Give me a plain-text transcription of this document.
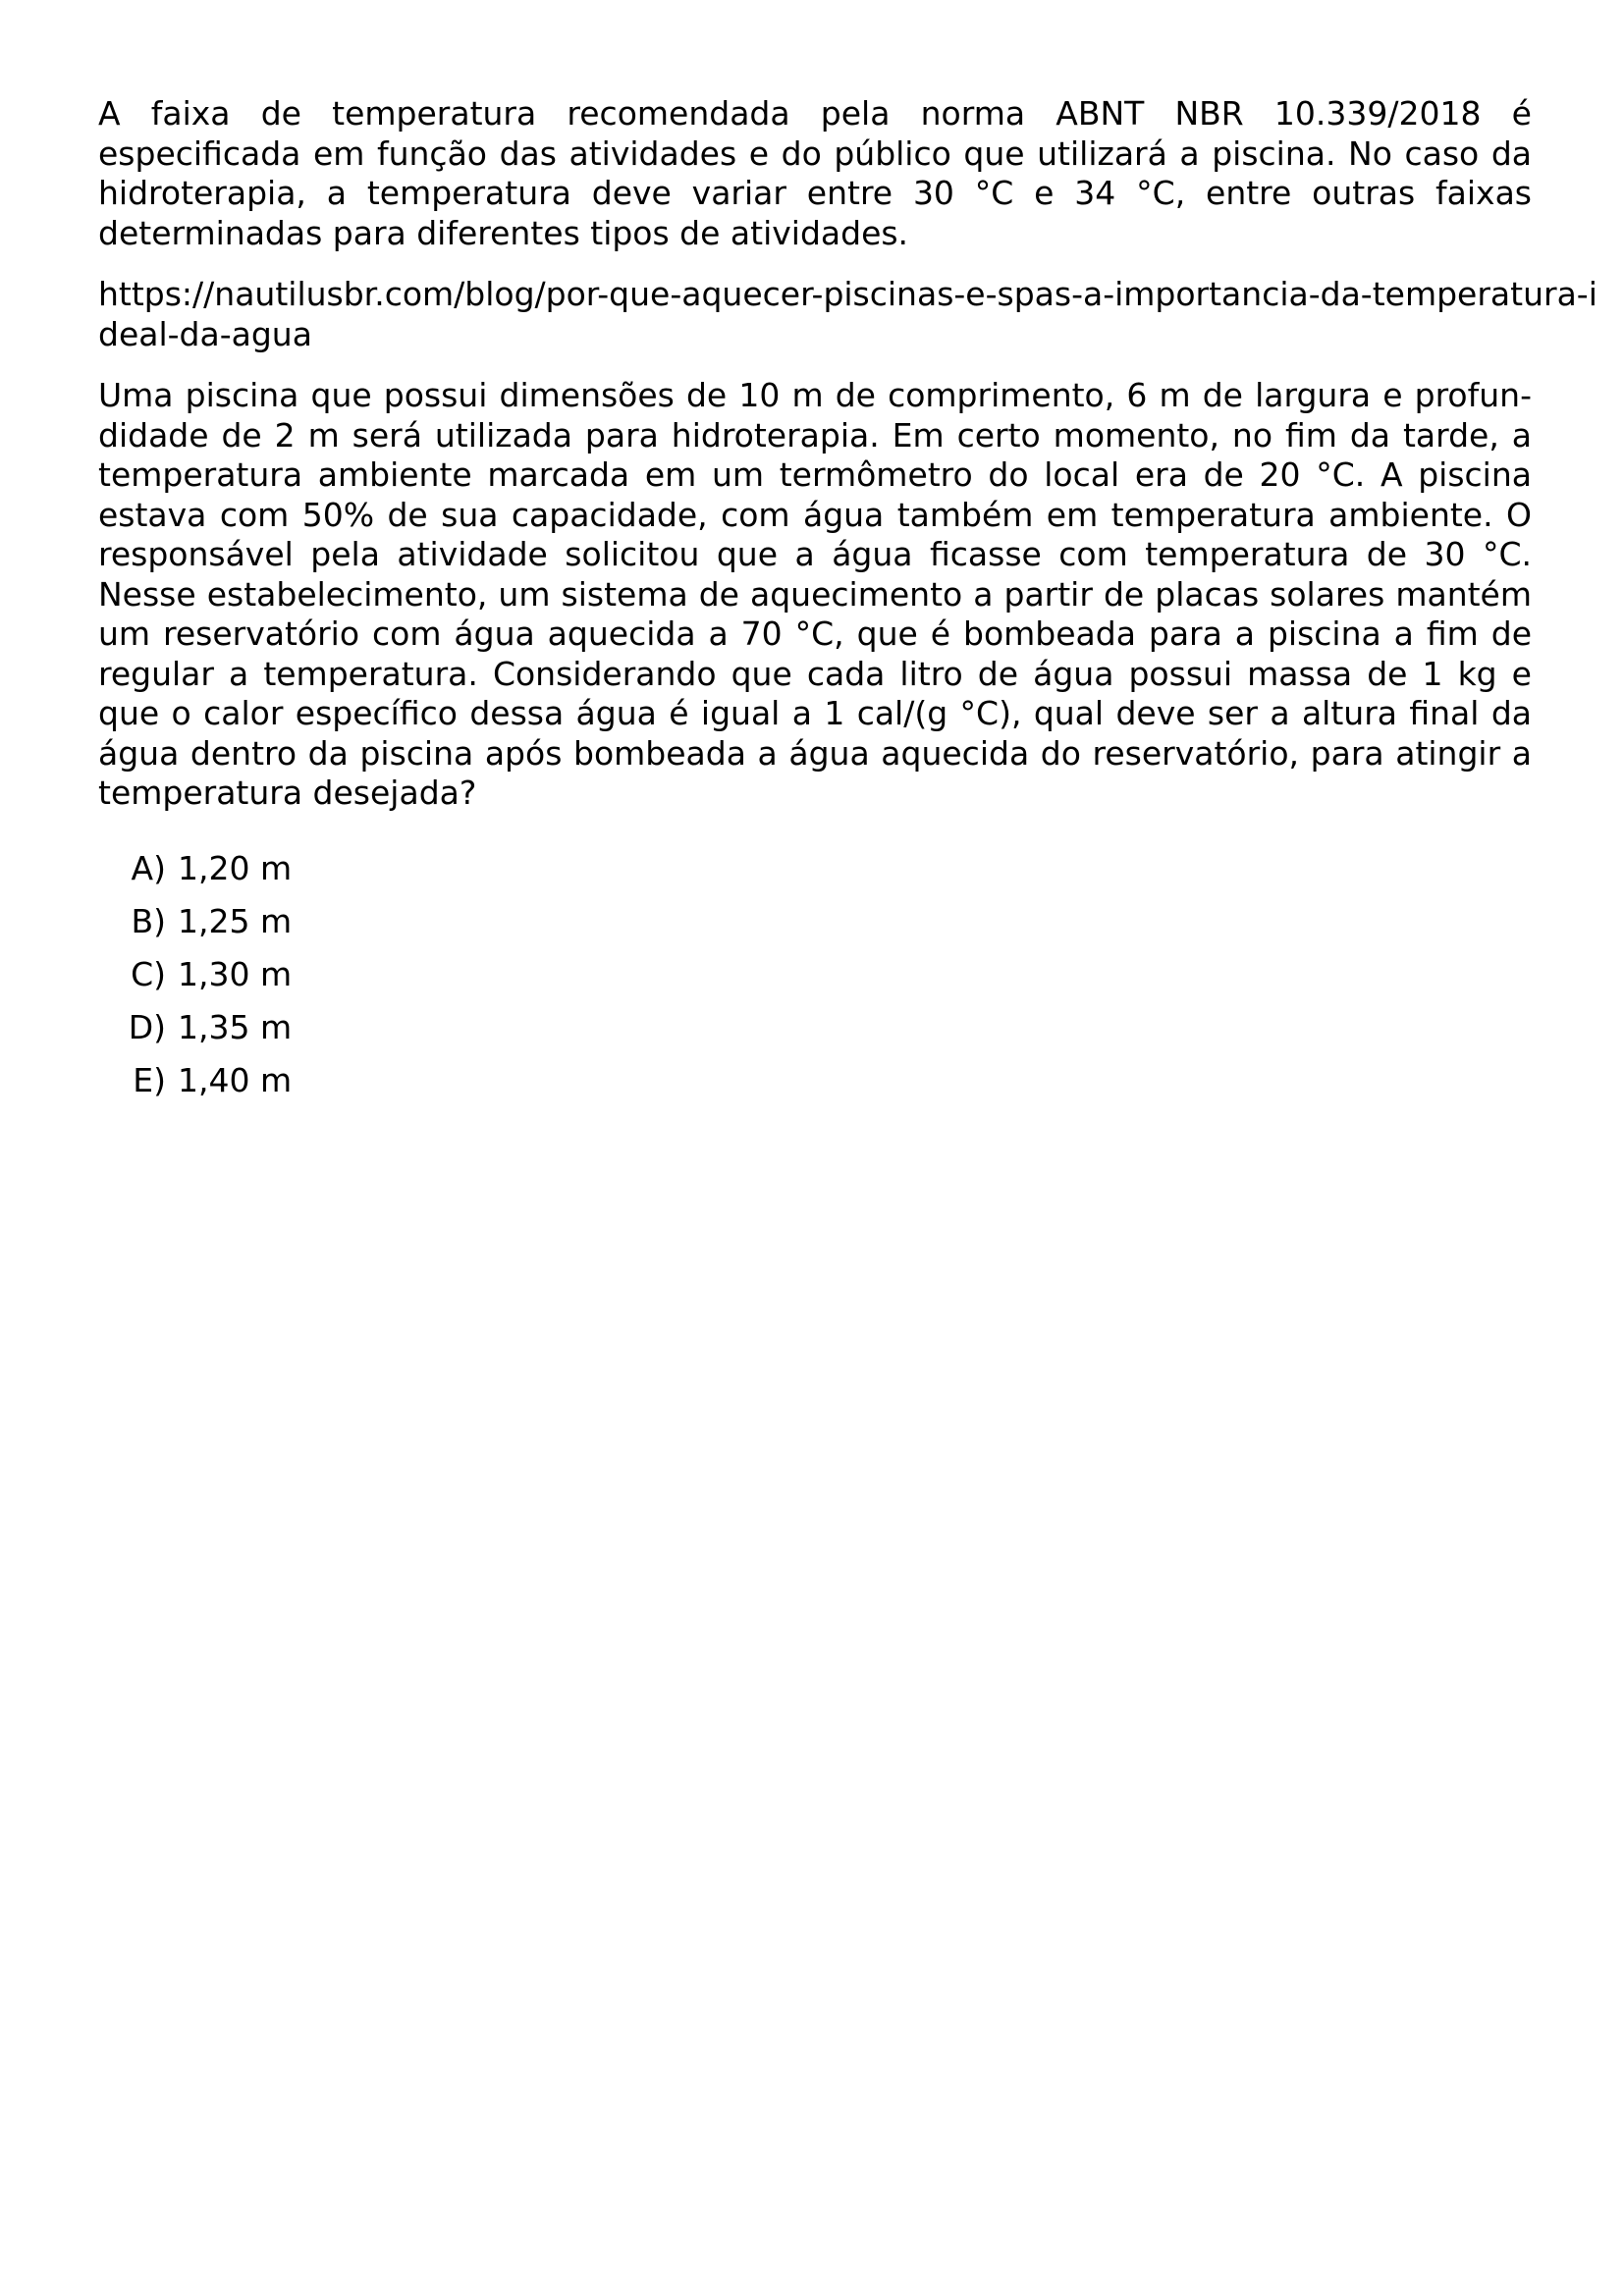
A faixa de temperatura recomendada pela norma ABNT NBR 10.339/2018 é especificada em função das atividades e do público que utilizará a piscina. No caso da hidroterapia, a temperatura deve variar entre 30 °C e 34 °C, entre outras faixas determinadas para diferentes tipos de atividades.

https://nautilusbr.com/blog/por-que-aquecer-piscinas-e-spas-a-importancia-da-temperatura-ideal-da-agua

Uma piscina que possui dimensões de 10 m de comprimento, 6 m de largura e profundidade de 2 m será utilizada para hidroterapia. Em certo momento, no fim da tarde, a temperatura ambiente marcada em um termômetro do local era de 20 °C. A piscina estava com 50% de sua capacidade, com água também em temperatura ambiente. O responsável pela atividade solicitou que a água ficasse com temperatura de 30 °C. Nesse estabelecimento, um sistema de aquecimento a partir de placas solares mantém um reservatório com água aquecida a 70 °C, que é bombeada para a piscina a fim de regular a temperatura. Considerando que cada litro de água possui massa de 1 kg e que o calor específico dessa água é igual a 1 cal/(g °C), qual deve ser a altura final da água dentro da piscina após bombeada a água aquecida do reservatório, para atingir a temperatura desejada?

A) 1,20 m
B) 1,25 m
C) 1,30 m
D) 1,35 m
E) 1,40 m
